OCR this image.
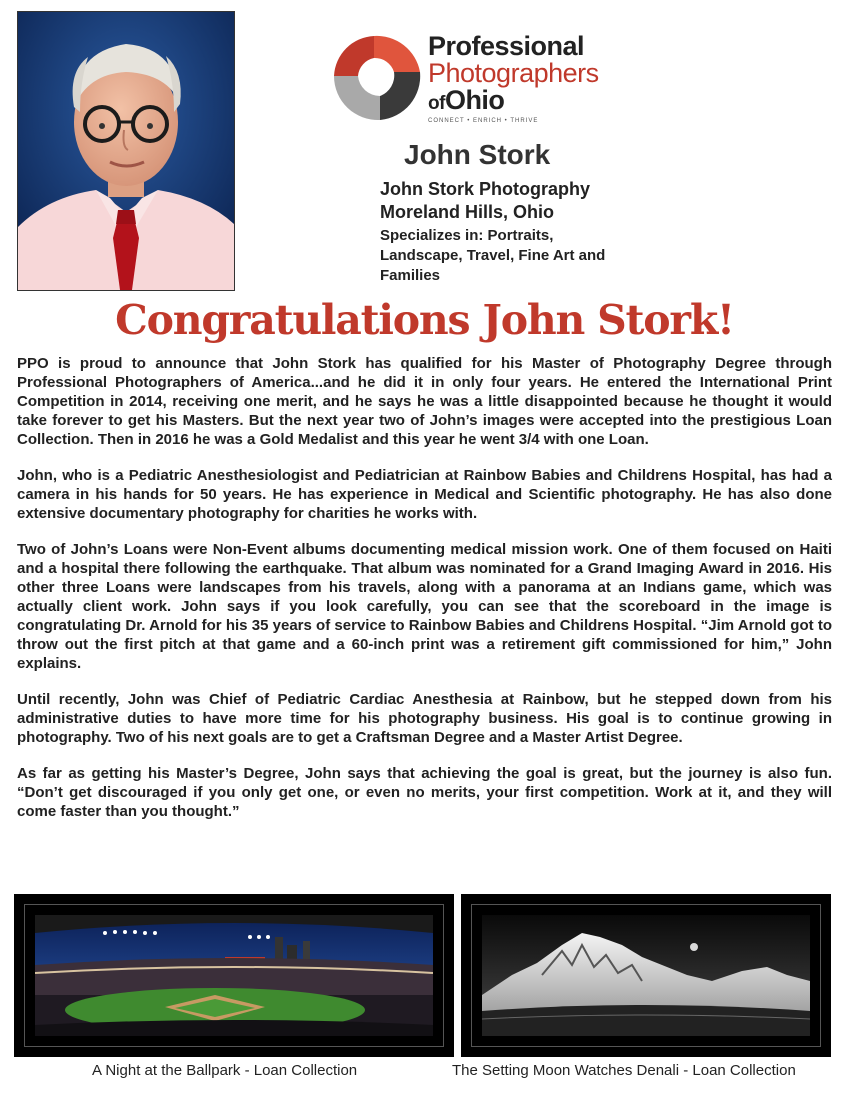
Professional
Photographers
ofOhio
CONNECT • ENRICH • THRIVE
John Stork
John Stork Photography
Moreland Hills, Ohio
Specializes in: Portraits, Landscape, Travel, Fine Art and Families
Congratulations John Stork!

PPO is proud to announce that John Stork has qualified for his Master of Photography Degree through Professional Photographers of America...and he did it in only four years. He entered the International Print Competition in 2014, receiving one merit, and he says he was a little disappointed because he thought it would take forever to get his Masters. But the next year two of John’s images were accepted into the prestigious Loan Collection. Then in 2016 he was a Gold Medalist and this year he went 3/4 with one Loan.

John, who is a Pediatric Anesthesiologist and Pediatrician at Rainbow Babies and Childrens Hospital, has had a camera in his hands for 50 years. He has experience in Medical and Scientific photography. He has also done extensive documentary photography for charities he works with.

Two of John’s Loans were Non-Event albums documenting medical mission work. One of them focused on Haiti and a hospital there following the earthquake. That album was nominated for a Grand Imaging Award in 2016. His other three Loans were landscapes from his travels, along with a panorama at an Indians game, which was actually client work. John says if you look carefully, you can see that the scoreboard in the image is congratulating Dr. Arnold for his 35 years of service to Rainbow Babies and Childrens Hospital. “Jim Arnold got to throw out the first pitch at that game and a 60-inch print was a retirement gift commissioned for him,” John explains.

Until recently, John was Chief of Pediatric Cardiac Anesthesia at Rainbow, but he stepped down from his administrative duties to have more time for his photography business. His goal is to continue growing in photography. Two of his next goals are to get a Craftsman Degree and a Master Artist Degree.

As far as getting his Master’s Degree, John says that achieving the goal is great, but the journey is also fun. “Don’t get discouraged if you only get one, or even no merits, your first competition. Work at it, and they will come faster than you thought.”

A Night at the Ballpark - Loan Collection	The Setting Moon Watches Denali - Loan Collection
